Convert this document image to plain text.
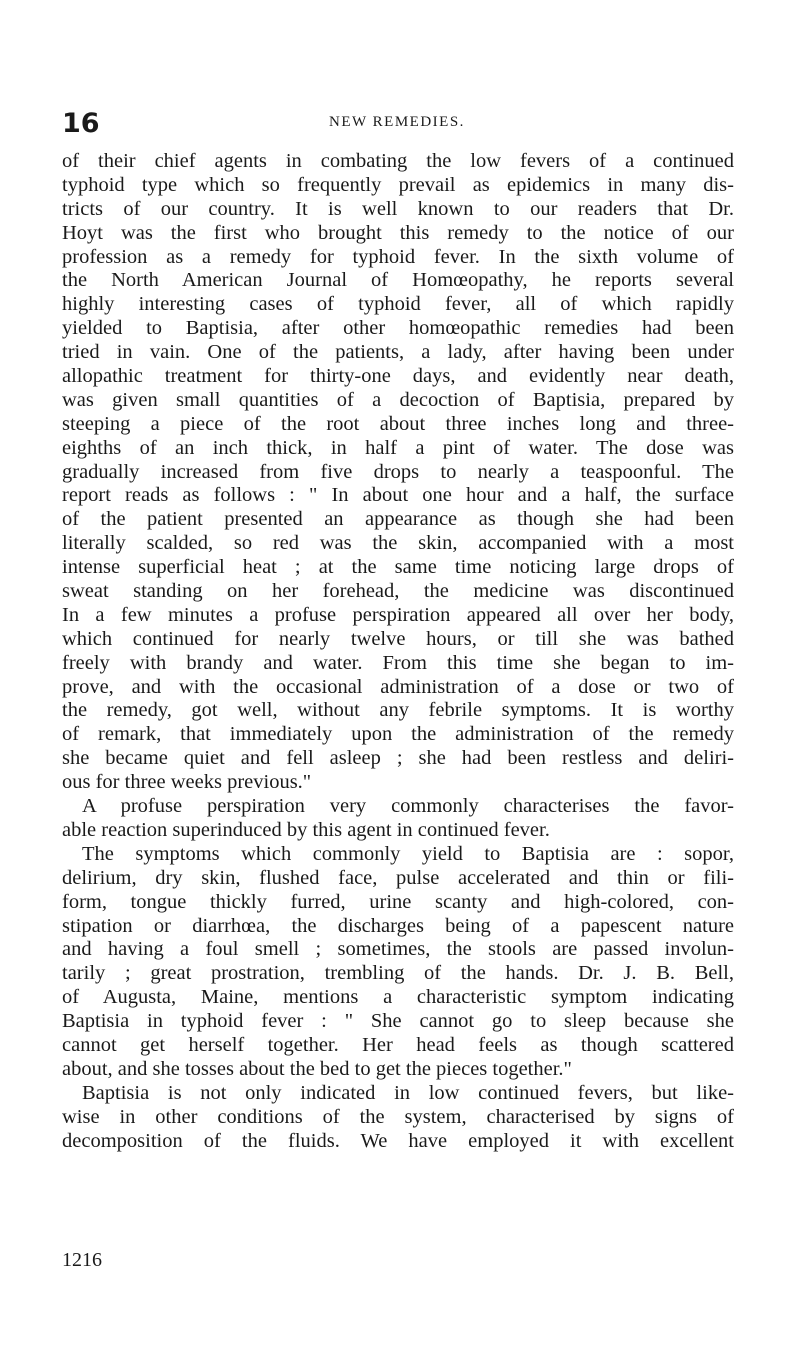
16	NEW REMEDIES.
of their chief agents in combating the low fevers of a continued
typhoid type which so frequently prevail as epidemics in many dis-
tricts of our country. It is well known to our readers that Dr.
Hoyt was the first who brought this remedy to the notice of our
profession as a remedy for typhoid fever. In the sixth volume of
the North American Journal of Homœopathy, he reports several
highly interesting cases of typhoid fever, all of which rapidly
yielded to Baptisia, after other homœopathic remedies had been
tried in vain. One of the patients, a lady, after having been under
allopathic treatment for thirty-one days, and evidently near death,
was given small quantities of a decoction of Baptisia, prepared by
steeping a piece of the root about three inches long and three-
eighths of an inch thick, in half a pint of water. The dose was
gradually increased from five drops to nearly a teaspoonful. The
report reads as follows : " In about one hour and a half, the surface
of the patient presented an appearance as though she had been
literally scalded, so red was the skin, accompanied with a most
intense superficial heat ; at the same time noticing large drops of
sweat standing on her forehead, the medicine was discontinued
In a few minutes a profuse perspiration appeared all over her body,
which continued for nearly twelve hours, or till she was bathed
freely with brandy and water. From this time she began to im-
prove, and with the occasional administration of a dose or two of
the remedy, got well, without any febrile symptoms. It is worthy
of remark, that immediately upon the administration of the remedy
she became quiet and fell asleep ; she had been restless and deliri-
ous for three weeks previous."
A profuse perspiration very commonly characterises the favor-
able reaction superinduced by this agent in continued fever.
The symptoms which commonly yield to Baptisia are : sopor,
delirium, dry skin, flushed face, pulse accelerated and thin or fili-
form, tongue thickly furred, urine scanty and high-colored, con-
stipation or diarrhœa, the discharges being of a papescent nature
and having a foul smell ; sometimes, the stools are passed involun-
tarily ; great prostration, trembling of the hands. Dr. J. B. Bell,
of Augusta, Maine, mentions a characteristic symptom indicating
Baptisia in typhoid fever : " She cannot go to sleep because she
cannot get herself together. Her head feels as though scattered
about, and she tosses about the bed to get the pieces together."
Baptisia is not only indicated in low continued fevers, but like-
wise in other conditions of the system, characterised by signs of
decomposition of the fluids. We have employed it with excellent
1216
